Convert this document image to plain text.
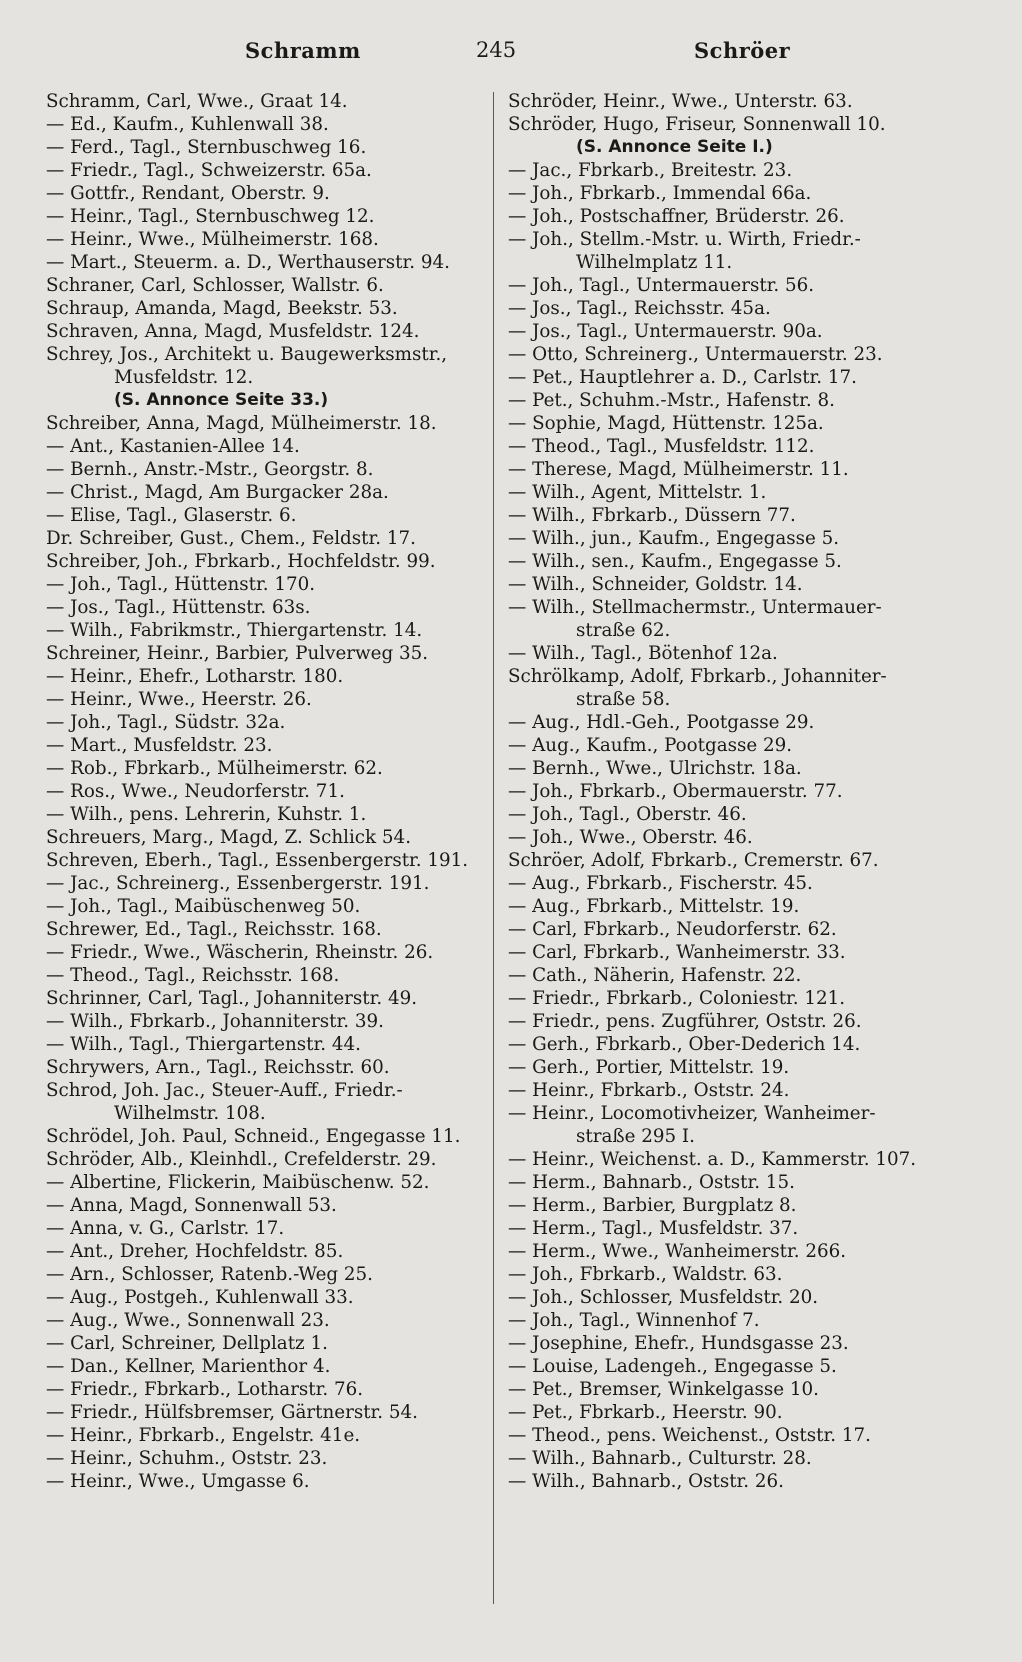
Schramm	245	Schröer
Schramm, Carl, Wwe., Graat 14.
— Ed., Kaufm., Kuhlenwall 38.
— Ferd., Tagl., Sternbuschweg 16.
— Friedr., Tagl., Schweizerstr. 65a.
— Gottfr., Rendant, Oberstr. 9.
— Heinr., Tagl., Sternbuschweg 12.
— Heinr., Wwe., Mülheimerstr. 168.
— Mart., Steuerm. a. D., Werthauserstr. 94.
Schraner, Carl, Schlosser, Wallstr. 6.
Schraup, Amanda, Magd, Beekstr. 53.
Schraven, Anna, Magd, Musfeldstr. 124.
Schrey, Jos., Architekt u. Baugewerksmstr.,
Musfeldstr. 12.
(S. Annonce Seite 33.)
Schreiber, Anna, Magd, Mülheimerstr. 18.
— Ant., Kastanien-Allee 14.
— Bernh., Anstr.-Mstr., Georgstr. 8.
— Christ., Magd, Am Burgacker 28a.
— Elise, Tagl., Glaserstr. 6.
Dr. Schreiber, Gust., Chem., Feldstr. 17.
Schreiber, Joh., Fbrkarb., Hochfeldstr. 99.
— Joh., Tagl., Hüttenstr. 170.
— Jos., Tagl., Hüttenstr. 63s.
— Wilh., Fabrikmstr., Thiergartenstr. 14.
Schreiner, Heinr., Barbier, Pulverweg 35.
— Heinr., Ehefr., Lotharstr. 180.
— Heinr., Wwe., Heerstr. 26.
— Joh., Tagl., Südstr. 32a.
— Mart., Musfeldstr. 23.
— Rob., Fbrkarb., Mülheimerstr. 62.
— Ros., Wwe., Neudorferstr. 71.
— Wilh., pens. Lehrerin, Kuhstr. 1.
Schreuers, Marg., Magd, Z. Schlick 54.
Schreven, Eberh., Tagl., Essenbergerstr. 191.
— Jac., Schreinerg., Essenbergerstr. 191.
— Joh., Tagl., Maibüschenweg 50.
Schrewer, Ed., Tagl., Reichsstr. 168.
— Friedr., Wwe., Wäscherin, Rheinstr. 26.
— Theod., Tagl., Reichsstr. 168.
Schrinner, Carl, Tagl., Johanniterstr. 49.
— Wilh., Fbrkarb., Johanniterstr. 39.
— Wilh., Tagl., Thiergartenstr. 44.
Schrywers, Arn., Tagl., Reichsstr. 60.
Schrod, Joh. Jac., Steuer-Auff., Friedr.-
Wilhelmstr. 108.
Schrödel, Joh. Paul, Schneid., Engegasse 11.
Schröder, Alb., Kleinhdl., Crefelderstr. 29.
— Albertine, Flickerin, Maibüschenw. 52.
— Anna, Magd, Sonnenwall 53.
— Anna, v. G., Carlstr. 17.
— Ant., Dreher, Hochfeldstr. 85.
— Arn., Schlosser, Ratenb.-Weg 25.
— Aug., Postgeh., Kuhlenwall 33.
— Aug., Wwe., Sonnenwall 23.
— Carl, Schreiner, Dellplatz 1.
— Dan., Kellner, Marienthor 4.
— Friedr., Fbrkarb., Lotharstr. 76.
— Friedr., Hülfsbremser, Gärtnerstr. 54.
— Heinr., Fbrkarb., Engelstr. 41e.
— Heinr., Schuhm., Oststr. 23.
— Heinr., Wwe., Umgasse 6.
Schröder, Heinr., Wwe., Unterstr. 63.
Schröder, Hugo, Friseur, Sonnenwall 10.
(S. Annonce Seite I.)
— Jac., Fbrkarb., Breitestr. 23.
— Joh., Fbrkarb., Immendal 66a.
— Joh., Postschaffner, Brüderstr. 26.
— Joh., Stellm.-Mstr. u. Wirth, Friedr.-
Wilhelmplatz 11.
— Joh., Tagl., Untermauerstr. 56.
— Jos., Tagl., Reichsstr. 45a.
— Jos., Tagl., Untermauerstr. 90a.
— Otto, Schreinerg., Untermauerstr. 23.
— Pet., Hauptlehrer a. D., Carlstr. 17.
— Pet., Schuhm.-Mstr., Hafenstr. 8.
— Sophie, Magd, Hüttenstr. 125a.
— Theod., Tagl., Musfeldstr. 112.
— Therese, Magd, Mülheimerstr. 11.
— Wilh., Agent, Mittelstr. 1.
— Wilh., Fbrkarb., Düssern 77.
— Wilh., jun., Kaufm., Engegasse 5.
— Wilh., sen., Kaufm., Engegasse 5.
— Wilh., Schneider, Goldstr. 14.
— Wilh., Stellmachermstr., Untermauer-
straße 62.
— Wilh., Tagl., Bötenhof 12a.
Schrölkamp, Adolf, Fbrkarb., Johanniter-
straße 58.
— Aug., Hdl.-Geh., Pootgasse 29.
— Aug., Kaufm., Pootgasse 29.
— Bernh., Wwe., Ulrichstr. 18a.
— Joh., Fbrkarb., Obermauerstr. 77.
— Joh., Tagl., Oberstr. 46.
— Joh., Wwe., Oberstr. 46.
Schröer, Adolf, Fbrkarb., Cremerstr. 67.
— Aug., Fbrkarb., Fischerstr. 45.
— Aug., Fbrkarb., Mittelstr. 19.
— Carl, Fbrkarb., Neudorferstr. 62.
— Carl, Fbrkarb., Wanheimerstr. 33.
— Cath., Näherin, Hafenstr. 22.
— Friedr., Fbrkarb., Coloniestr. 121.
— Friedr., pens. Zugführer, Oststr. 26.
— Gerh., Fbrkarb., Ober-Dederich 14.
— Gerh., Portier, Mittelstr. 19.
— Heinr., Fbrkarb., Oststr. 24.
— Heinr., Locomotivheizer, Wanheimer-
straße 295 I.
— Heinr., Weichenst. a. D., Kammerstr. 107.
— Herm., Bahnarb., Oststr. 15.
— Herm., Barbier, Burgplatz 8.
— Herm., Tagl., Musfeldstr. 37.
— Herm., Wwe., Wanheimerstr. 266.
— Joh., Fbrkarb., Waldstr. 63.
— Joh., Schlosser, Musfeldstr. 20.
— Joh., Tagl., Winnenhof 7.
— Josephine, Ehefr., Hundsgasse 23.
— Louise, Ladengeh., Engegasse 5.
— Pet., Bremser, Winkelgasse 10.
— Pet., Fbrkarb., Heerstr. 90.
— Theod., pens. Weichenst., Oststr. 17.
— Wilh., Bahnarb., Culturstr. 28.
— Wilh., Bahnarb., Oststr. 26.
